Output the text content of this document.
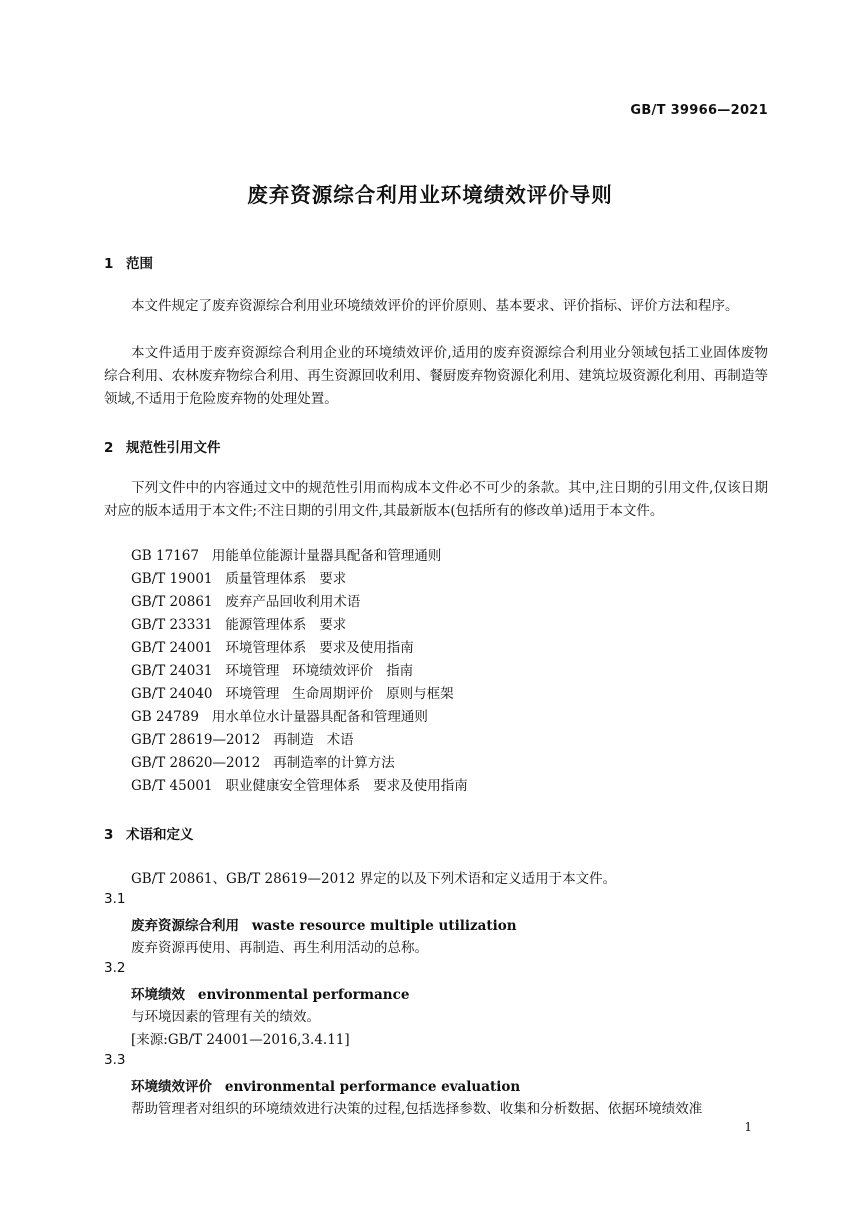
GB/T 39966—2021
废弃资源综合利用业环境绩效评价导则
1 范围

本文件规定了废弃资源综合利用业环境绩效评价的评价原则、基本要求、评价指标、评价方法和程序。

本文件适用于废弃资源综合利用企业的环境绩效评价,适用的废弃资源综合利用业分领域包括工业固体废物综合利用、农林废弃物综合利用、再生资源回收利用、餐厨废弃物资源化利用、建筑垃圾资源化利用、再制造等领域,不适用于危险废弃物的处理处置。

2 规范性引用文件

下列文件中的内容通过文中的规范性引用而构成本文件必不可少的条款。其中,注日期的引用文件,仅该日期对应的版本适用于本文件;不注日期的引用文件,其最新版本(包括所有的修改单)适用于本文件。

GB 17167   用能单位能源计量器具配备和管理通则
GB/T 19001   质量管理体系   要求
GB/T 20861   废弃产品回收利用术语
GB/T 23331   能源管理体系   要求
GB/T 24001   环境管理体系   要求及使用指南
GB/T 24031   环境管理   环境绩效评价   指南
GB/T 24040   环境管理   生命周期评价   原则与框架
GB 24789   用水单位水计量器具配备和管理通则
GB/T 28619—2012   再制造   术语
GB/T 28620—2012   再制造率的计算方法
GB/T 45001   职业健康安全管理体系   要求及使用指南
3 术语和定义
GB/T 20861、GB/T 28619—2012 界定的以及下列术语和定义适用于本文件。
3.1
废弃资源综合利用 waste resource multiple utilization
废弃资源再使用、再制造、再生利用活动的总称。
3.2
环境绩效 environmental performance
与环境因素的管理有关的绩效。
[来源:GB/T 24001—2016,3.4.11]
3.3
环境绩效评价 environmental performance evaluation
帮助管理者对组织的环境绩效进行决策的过程,包括选择参数、收集和分析数据、依据环境绩效准
1
